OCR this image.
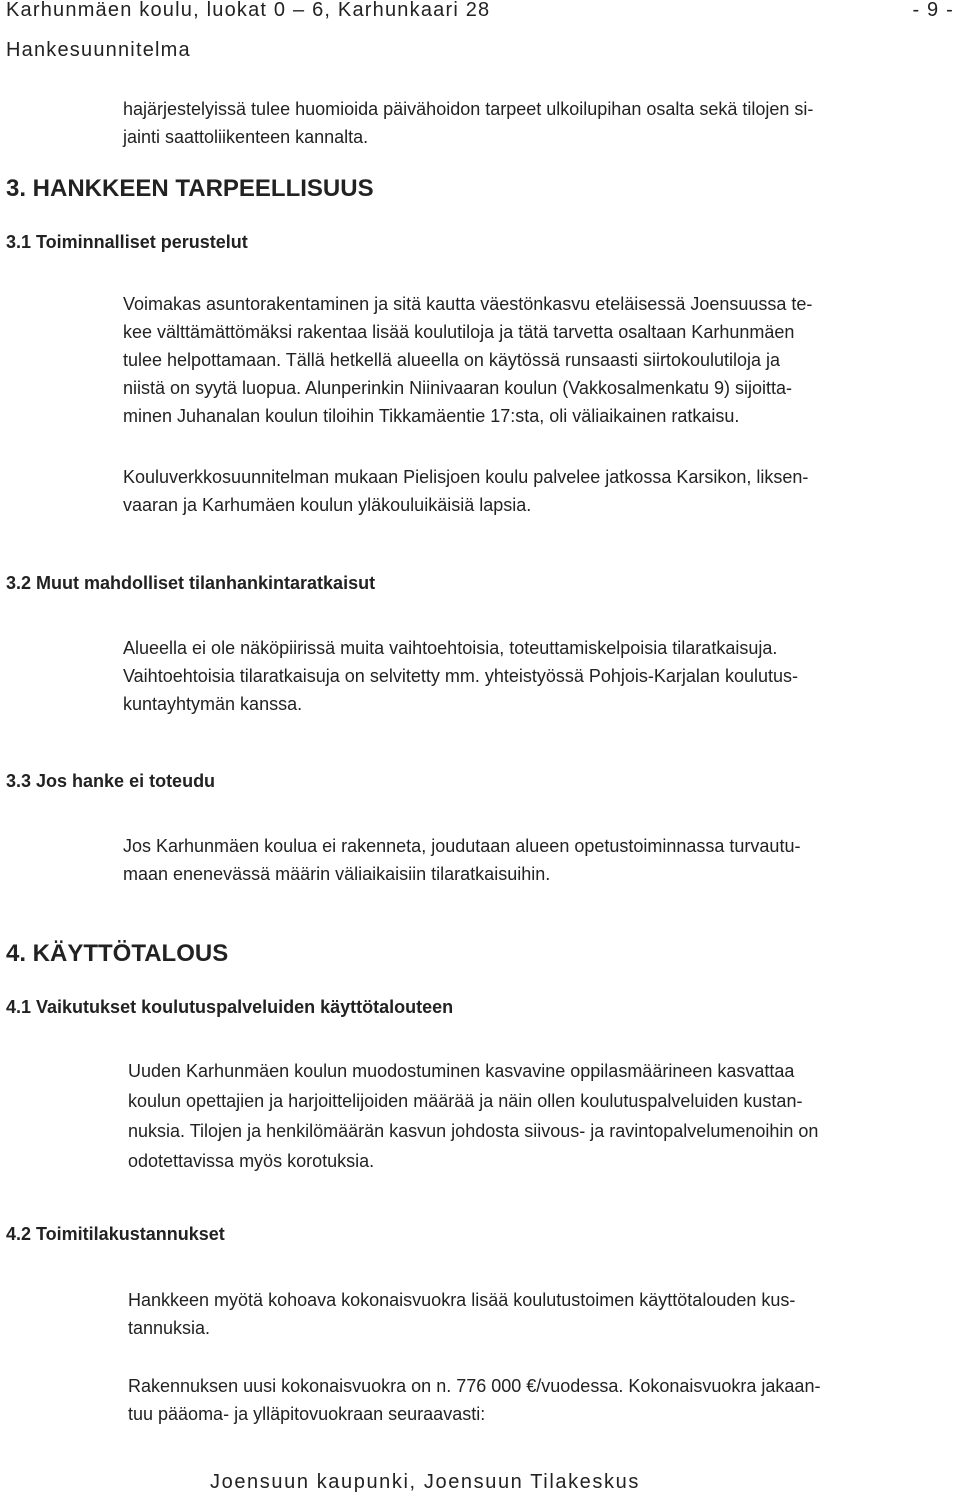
Karhunmäen koulu, luokat 0 – 6, Karhunkaari 28	- 9 -
Hankesuunnitelma
hajärjestelyissä tulee huomioida päivähoidon tarpeet ulkoilupihan osalta sekä tilojen si-
jainti saattoliikenteen kannalta.
3. HANKKEEN TARPEELLISUUS
3.1 Toiminnalliset perustelut
Voimakas asuntorakentaminen ja sitä kautta väestönkasvu eteläisessä Joensuussa te-
kee välttämättömäksi rakentaa lisää koulutiloja ja tätä tarvetta osaltaan Karhunmäen
tulee helpottamaan. Tällä hetkellä alueella on käytössä runsaasti siirtokoulutiloja ja
niistä on syytä luopua. Alunperinkin Niinivaaran koulun (Vakkosalmenkatu 9) sijoitta-
minen Juhanalan koulun tiloihin Tikkamäentie 17:sta, oli väliaikainen ratkaisu.
Kouluverkkosuunnitelman mukaan Pielisjoen koulu palvelee jatkossa Karsikon, liksen-
vaaran ja Karhumäen koulun yläkouluikäisiä lapsia.
3.2 Muut mahdolliset tilanhankintaratkaisut
Alueella ei ole näköpiirissä muita vaihtoehtoisia, toteuttamiskelpoisia tilaratkaisuja.
Vaihtoehtoisia tilaratkaisuja on selvitetty mm. yhteistyössä Pohjois-Karjalan koulutus-
kuntayhtymän kanssa.
3.3 Jos hanke ei toteudu
Jos Karhunmäen koulua ei rakenneta, joudutaan alueen opetustoiminnassa turvautu-
maan enenevässä määrin väliaikaisiin tilaratkaisuihin.
4. KÄYTTÖTALOUS
4.1 Vaikutukset koulutuspalveluiden käyttötalouteen
Uuden Karhunmäen koulun muodostuminen kasvavine oppilasmäärineen kasvattaa
koulun opettajien ja harjoittelijoiden määrää ja näin ollen koulutuspalveluiden kustan-
nuksia. Tilojen ja henkilömäärän kasvun johdosta siivous- ja ravintopalvelumenoihin on
odotettavissa myös korotuksia.
4.2 Toimitilakustannukset
Hankkeen myötä kohoava kokonaisvuokra lisää koulutustoimen käyttötalouden kus-
tannuksia.
Rakennuksen uusi kokonaisvuokra on n. 776 000 €/vuodessa. Kokonaisvuokra jakaan-
tuu pääoma- ja ylläpitovuokraan seuraavasti:
Joensuun kaupunki, Joensuun Tilakeskus
